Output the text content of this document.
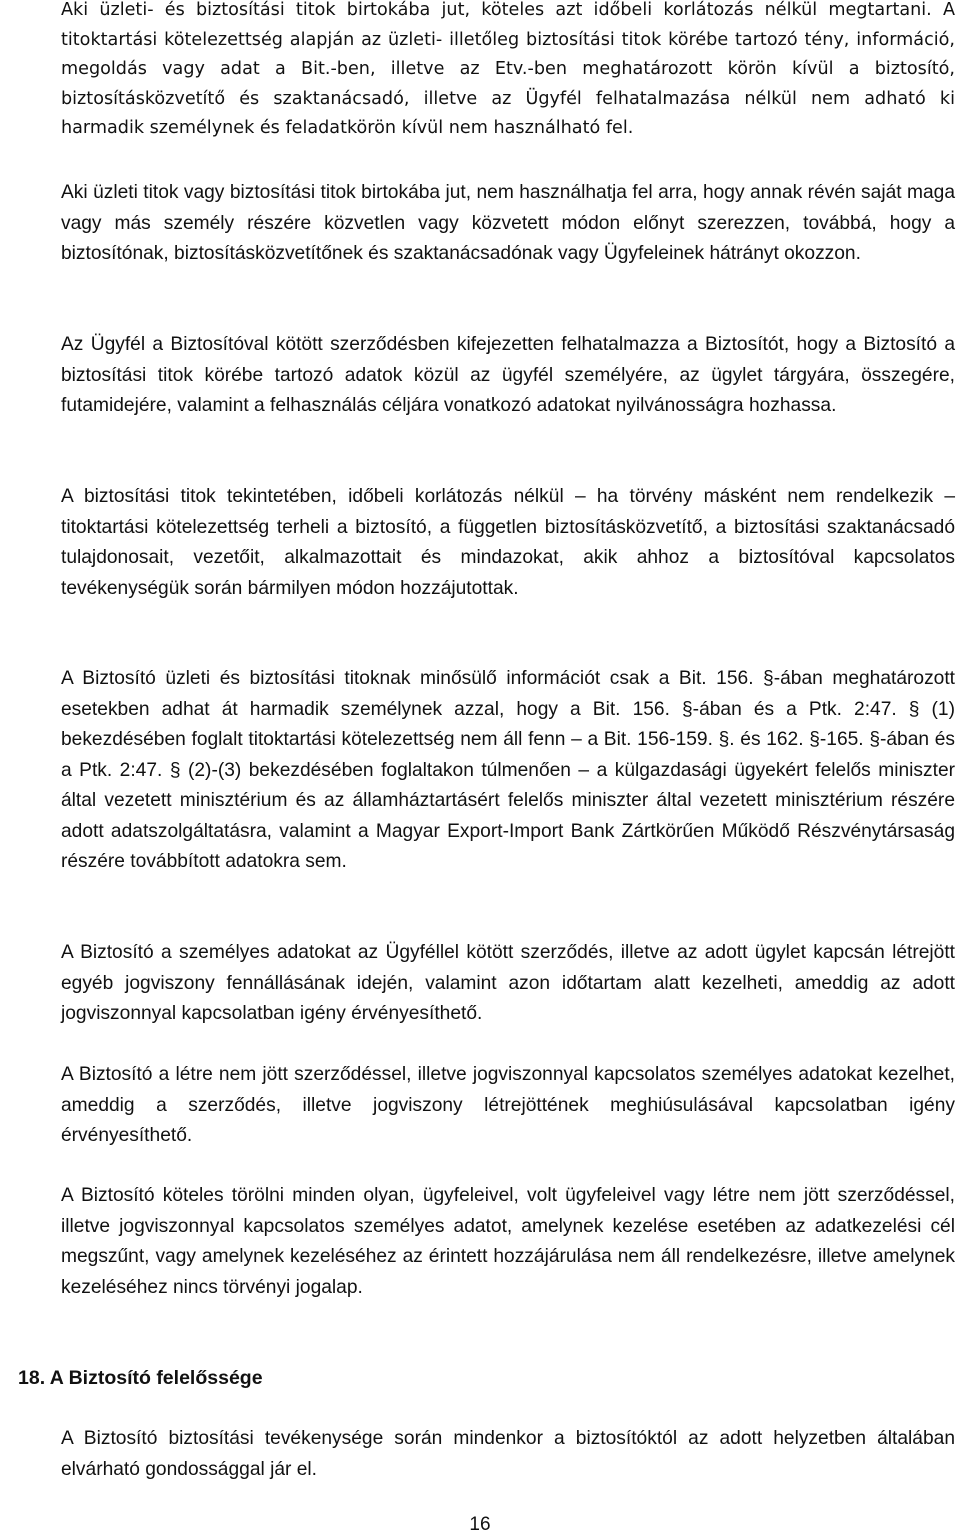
Aki üzleti- és biztosítási titok birtokába jut, köteles azt időbeli korlátozás nélkül megtartani. A titoktartási kötelezettség alapján az üzleti- illetőleg biztosítási titok körébe tartozó tény, információ, megoldás vagy adat a Bit.-ben, illetve az Etv.-ben meghatározott körön kívül a biztosító, biztosításközvetítő és szaktanácsadó, illetve az Ügyfél felhatalmazása nélkül nem adható ki harmadik személynek és feladatkörön kívül nem használható fel.

Aki üzleti titok vagy biztosítási titok birtokába jut, nem használhatja fel arra, hogy annak révén saját maga vagy más személy részére közvetlen vagy közvetett módon előnyt szerezzen, továbbá, hogy a biztosítónak, biztosításközvetítőnek és szaktanácsadónak vagy Ügyfeleinek hátrányt okozzon.

Az Ügyfél a Biztosítóval kötött szerződésben kifejezetten felhatalmazza a Biztosítót, hogy a Biztosító a biztosítási titok körébe tartozó adatok közül az ügyfél személyére, az ügylet tárgyára, összegére, futamidejére, valamint a felhasználás céljára vonatkozó adatokat nyilvánosságra hozhassa.

A biztosítási titok tekintetében, időbeli korlátozás nélkül – ha törvény másként nem rendelkezik – titoktartási kötelezettség terheli a biztosító, a független biztosításközvetítő, a biztosítási szaktanácsadó tulajdonosait, vezetőit, alkalmazottait és mindazokat, akik ahhoz a biztosítóval kapcsolatos tevékenységük során bármilyen módon hozzájutottak.

A Biztosító üzleti és biztosítási titoknak minősülő információt csak a Bit. 156. §-ában meghatározott esetekben adhat át harmadik személynek azzal, hogy a Bit. 156. §-ában és a Ptk. 2:47. § (1) bekezdésében foglalt titoktartási kötelezettség nem áll fenn – a Bit. 156-159. §. és 162. §-165. §-ában és a Ptk. 2:47. § (2)-(3) bekezdésében foglaltakon túlmenően – a külgazdasági ügyekért felelős miniszter által vezetett minisztérium és az államháztartásért felelős miniszter által vezetett minisztérium részére adott adatszolgáltatásra, valamint a Magyar Export-Import Bank Zártkörűen Működő Részvénytársaság részére továbbított adatokra sem.

A Biztosító a személyes adatokat az Ügyféllel kötött szerződés, illetve az adott ügylet kapcsán létrejött egyéb jogviszony fennállásának idején, valamint azon időtartam alatt kezelheti, ameddig az adott jogviszonnyal kapcsolatban igény érvényesíthető.

A Biztosító a létre nem jött szerződéssel, illetve jogviszonnyal kapcsolatos személyes adatokat kezelhet, ameddig a szerződés, illetve jogviszony létrejöttének meghiúsulásával kapcsolatban igény érvényesíthető.

A Biztosító köteles törölni minden olyan, ügyfeleivel, volt ügyfeleivel vagy létre nem jött szerződéssel, illetve jogviszonnyal kapcsolatos személyes adatot, amelynek kezelése esetében az adatkezelési cél megszűnt, vagy amelynek kezeléséhez az érintett hozzájárulása nem áll rendelkezésre, illetve amelynek kezeléséhez nincs törvényi jogalap.

18. A Biztosító felelőssége

A Biztosító biztosítási tevékenysége során mindenkor a biztosítóktól az adott helyzetben általában elvárható gondossággal jár el.

16
